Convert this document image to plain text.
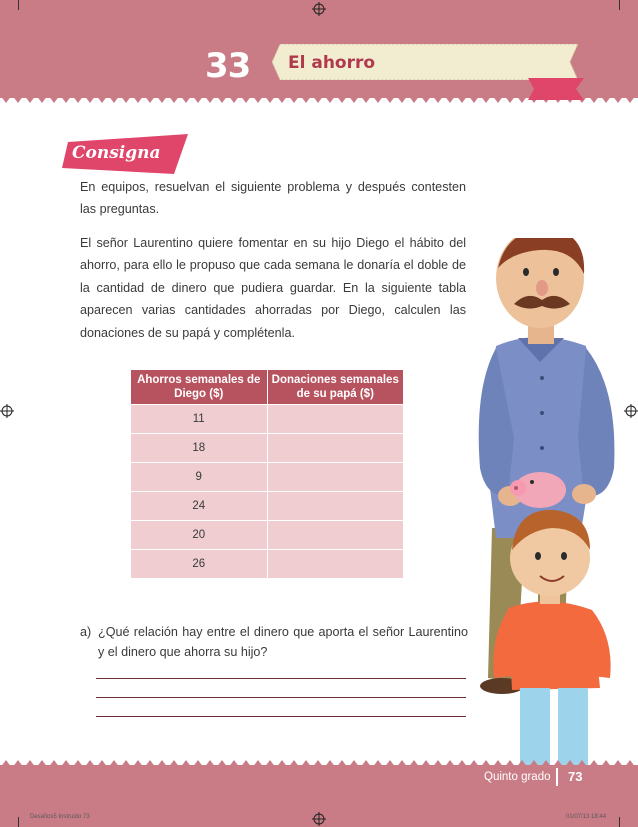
33 El ahorro
Consigna

En equipos, resuelvan el siguiente problema y después contesten las preguntas.

El señor Laurentino quiere fomentar en su hijo Diego el hábito del ahorro, para ello le propuso que cada semana le donaría el doble de la cantidad de dinero que pudiera guardar. En la siguiente tabla aparecen varias cantidades ahorradas por Diego, calculen las donaciones de su papá y complétenla.

Ahorros semanales de Diego ($)	Donaciones semanales de su papá ($)
11	
18	
9	
24	
20	
26	
a) ¿Qué relación hay entre el dinero que aporta el señor Laurentino y el dinero que ahorra su hijo?
Quinto grado 73
Desafios5 Instruido 73	01/07/13 18:44
